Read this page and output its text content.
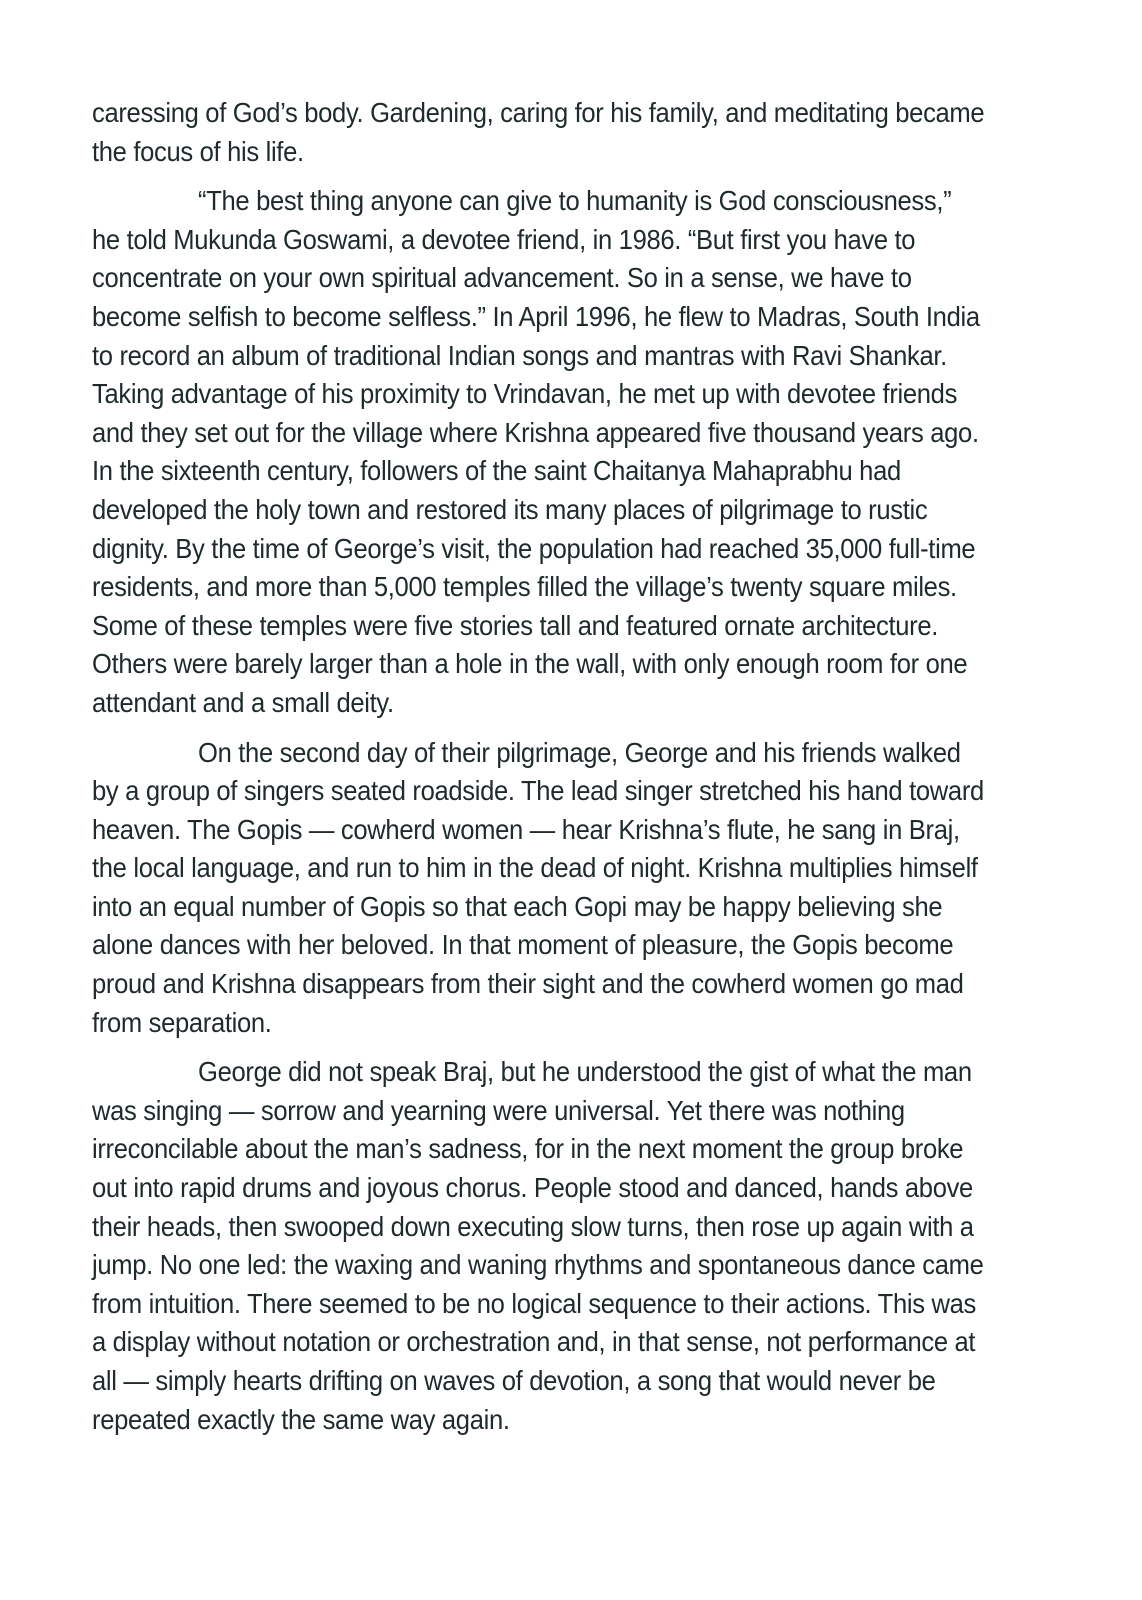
caressing of God’s body. Gardening, caring for his family, and meditating became the focus of his life.

“The best thing anyone can give to humanity is God consciousness,” he told Mukunda Goswami, a devotee friend, in 1986. “But first you have to concentrate on your own spiritual advancement. So in a sense, we have to become selfish to become selfless.” In April 1996, he flew to Madras, South India to record an album of traditional Indian songs and mantras with Ravi Shankar. Taking advantage of his proximity to Vrindavan, he met up with devotee friends and they set out for the village where Krishna appeared five thousand years ago. In the sixteenth century, followers of the saint Chaitanya Mahaprabhu had developed the holy town and restored its many places of pilgrimage to rustic dignity. By the time of George’s visit, the population had reached 35,000 full-time residents, and more than 5,000 temples filled the village’s twenty square miles. Some of these temples were five stories tall and featured ornate architecture. Others were barely larger than a hole in the wall, with only enough room for one attendant and a small deity.

On the second day of their pilgrimage, George and his friends walked by a group of singers seated roadside. The lead singer stretched his hand toward heaven. The Gopis — cowherd women — hear Krishna’s flute, he sang in Braj, the local language, and run to him in the dead of night. Krishna multiplies himself into an equal number of Gopis so that each Gopi may be happy believing she alone dances with her beloved. In that moment of pleasure, the Gopis become proud and Krishna disappears from their sight and the cowherd women go mad from separation.

George did not speak Braj, but he understood the gist of what the man was singing — sorrow and yearning were universal. Yet there was nothing irreconcilable about the man’s sadness, for in the next moment the group broke out into rapid drums and joyous chorus. People stood and danced, hands above their heads, then swooped down executing slow turns, then rose up again with a jump. No one led: the waxing and waning rhythms and spontaneous dance came from intuition. There seemed to be no logical sequence to their actions. This was a display without notation or orchestration and, in that sense, not performance at all — simply hearts drifting on waves of devotion, a song that would never be repeated exactly the same way again.
